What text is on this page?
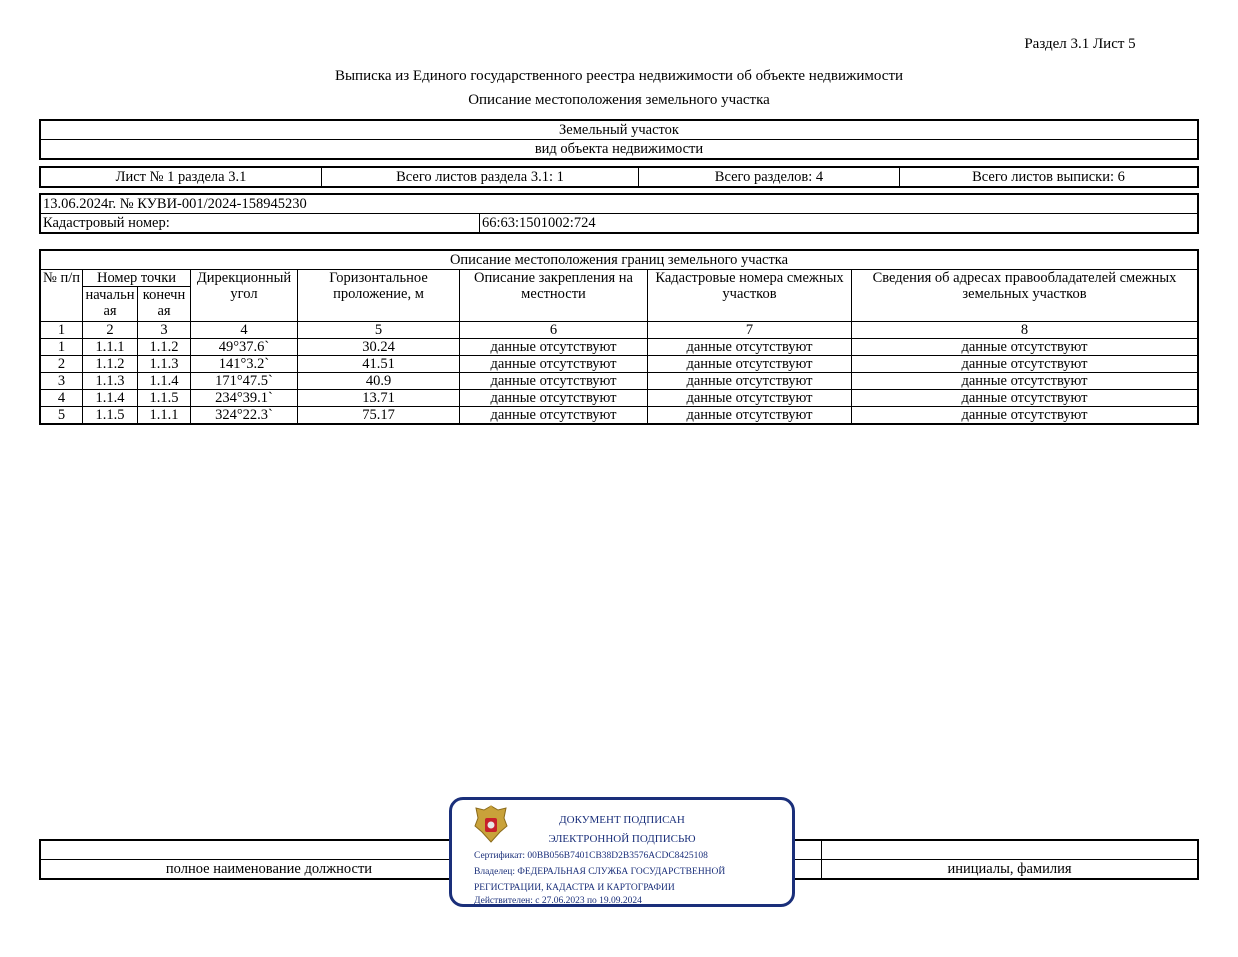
Раздел 3.1 Лист 5
Выписка из Единого государственного реестра недвижимости об объекте недвижимости
Описание местоположения земельного участка
Земельный участок
вид объекта недвижимости
Лист № 1 раздела 3.1	Всего листов раздела 3.1: 1	Всего разделов: 4	Всего листов выписки: 6
13.06.2024г. № КУВИ-001/2024-158945230
Кадастровый номер:	66:63:1501002:724
Описание местоположения границ земельного участка							
№ п/п	Номер точки		Дирекционный угол	Горизонтальное проложение, м	Описание закрепления на местности	Кадастровые номера смежных участков	Сведения об адресах правообладателей смежных земельных участков
	начальн ая	конечн ая					
1	2	3	4	5	6	7	8
1	1.1.1	1.1.2	49°37.6`	30.24	данные отсутствуют	данные отсутствуют	данные отсутствуют
2	1.1.2	1.1.3	141°3.2`	41.51	данные отсутствуют	данные отсутствуют	данные отсутствуют
3	1.1.3	1.1.4	171°47.5`	40.9	данные отсутствуют	данные отсутствуют	данные отсутствуют
4	1.1.4	1.1.5	234°39.1`	13.71	данные отсутствуют	данные отсутствуют	данные отсутствуют
5	1.1.5	1.1.1	324°22.3`	75.17	данные отсутствуют	данные отсутствуют	данные отсутствуют

полное наименование должности		инициалы, фамилия
ДОКУМЕНТ ПОДПИСАН
ЭЛЕКТРОННОЙ ПОДПИСЬЮ
Сертификат: 00BB056B7401CB38D2B3576ACDC8425108
Владелец: ФЕДЕРАЛЬНАЯ СЛУЖБА ГОСУДАРСТВЕННОЙ
РЕГИСТРАЦИИ, КАДАСТРА И КАРТОГРАФИИ
Действителен: с 27.06.2023 по 19.09.2024
